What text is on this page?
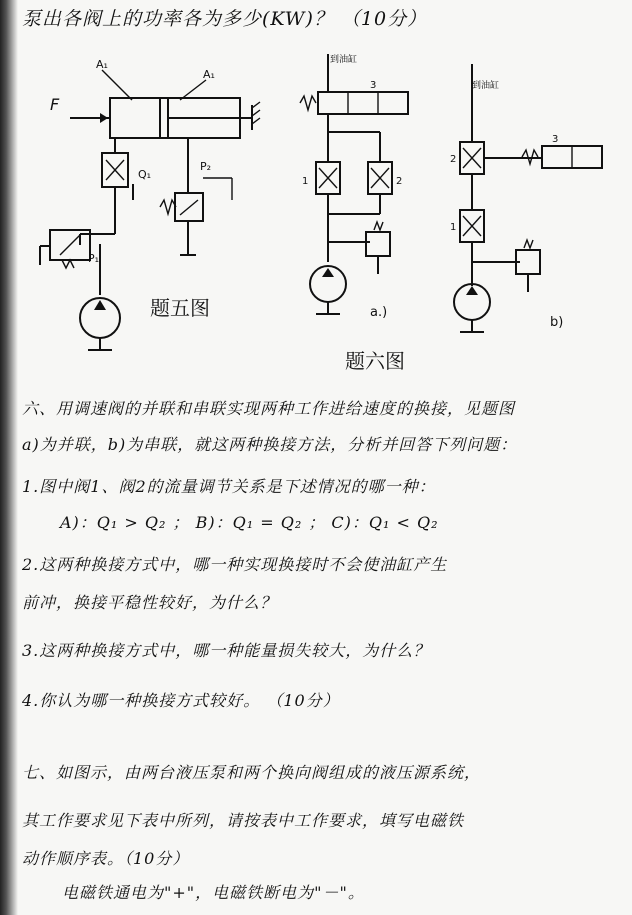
泵出各阀上的功率各为多少(KW)？ （10分）
F
A₁
A₁
Q₁
P₂
P₁
题五图
到油缸
3
1	2
a.)
到油缸
2
3
1
b)
题六图
六、用调速阀的并联和串联实现两种工作进给速度的换接，见题图
a)为并联，b)为串联，就这两种换接方法，分析并回答下列问题：
1.图中阀1、阀2的流量调节关系是下述情况的哪一种：
A)：Q₁ > Q₂ ； B)：Q₁ = Q₂ ； C)：Q₁ < Q₂
2.这两种换接方式中，哪一种实现换接时不会使油缸产生
前冲，换接平稳性较好，为什么？
3.这两种换接方式中，哪一种能量损失较大，为什么？
4.你认为哪一种换接方式较好。 （10分）
七、如图示，由两台液压泵和两个换向阀组成的液压源系统，
其工作要求见下表中所列，请按表中工作要求，填写电磁铁
动作顺序表。（10分）
电磁铁通电为"+"，电磁铁断电为"－"。
